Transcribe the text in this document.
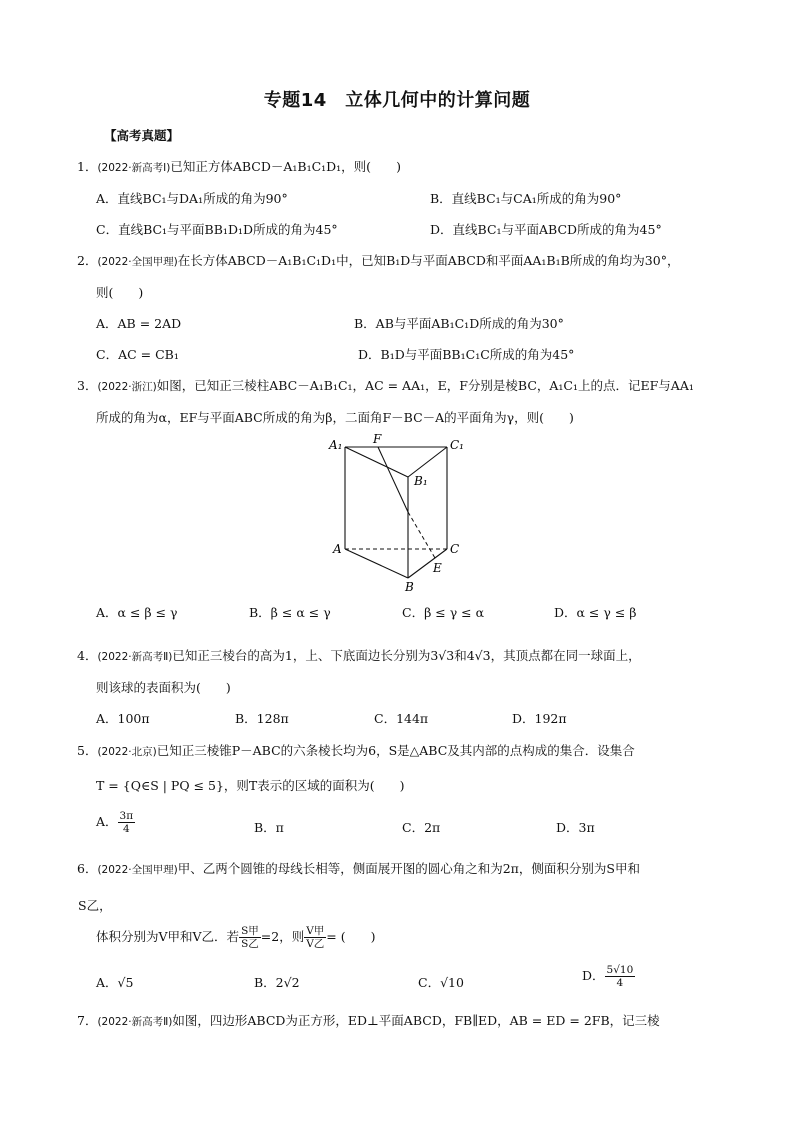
专题14　立体几何中的计算问题
【高考真题】
1．(2022·新高考Ⅰ)已知正方体ABCD－A₁B₁C₁D₁，则(　　)
A．直线BC₁与DA₁所成的角为90°	B．直线BC₁与CA₁所成的角为90°
C．直线BC₁与平面BB₁D₁D所成的角为45°	D．直线BC₁与平面ABCD所成的角为45°
2．(2022·全国甲理)在长方体ABCD－A₁B₁C₁D₁中，已知B₁D与平面ABCD和平面AA₁B₁B所成的角均为30°，
则(　　)
A．AB = 2AD	B．AB与平面AB₁C₁D所成的角为30°
C．AC = CB₁	D．B₁D与平面BB₁C₁C所成的角为45°
3．(2022·浙江)如图，已知正三棱柱ABC－A₁B₁C₁，AC = AA₁，E，F分别是棱BC，A₁C₁上的点．记EF与AA₁
所成的角为α，EF与平面ABC所成的角为β，二面角F－BC－A的平面角为γ，则(　　)
A₁	F	C₁
B₁
A	C
E
B
A．α ≤ β ≤ γ	B．β ≤ α ≤ γ	C．β ≤ γ ≤ α	D．α ≤ γ ≤ β
4．(2022·新高考Ⅱ)已知正三棱台的高为1，上、下底面边长分别为3√3和4√3，其顶点都在同一球面上，
则该球的表面积为(　　)
A．100π	B．128π	C．144π	D．192π
5．(2022·北京)已知正三棱锥P－ABC的六条棱长均为6，S是△ABC及其内部的点构成的集合．设集合
T = {Q∈S | PQ ≤ 5}，则T表示的区域的面积为(　　)
A． $\frac{3\pi}{4}$	B．π	C．2π	D．3π
6．(2022·全国甲理)甲、乙两个圆锥的母线长相等，侧面展开图的圆心角之和为2π，侧面积分别为S甲和
S乙，
体积分别为V甲和V乙．若 $\frac{\text{S甲}}{\text{S乙}} =2$，则 $\frac{\text{V甲}}{\text{V乙}}$ = (　　)
A．√5	B．2√2	C．√10	D． $\frac{5√10}{4}$
7．(2022·新高考Ⅱ)如图，四边形ABCD为正方形，ED⊥平面ABCD，FB∥ED，AB = ED = 2FB，记三棱
